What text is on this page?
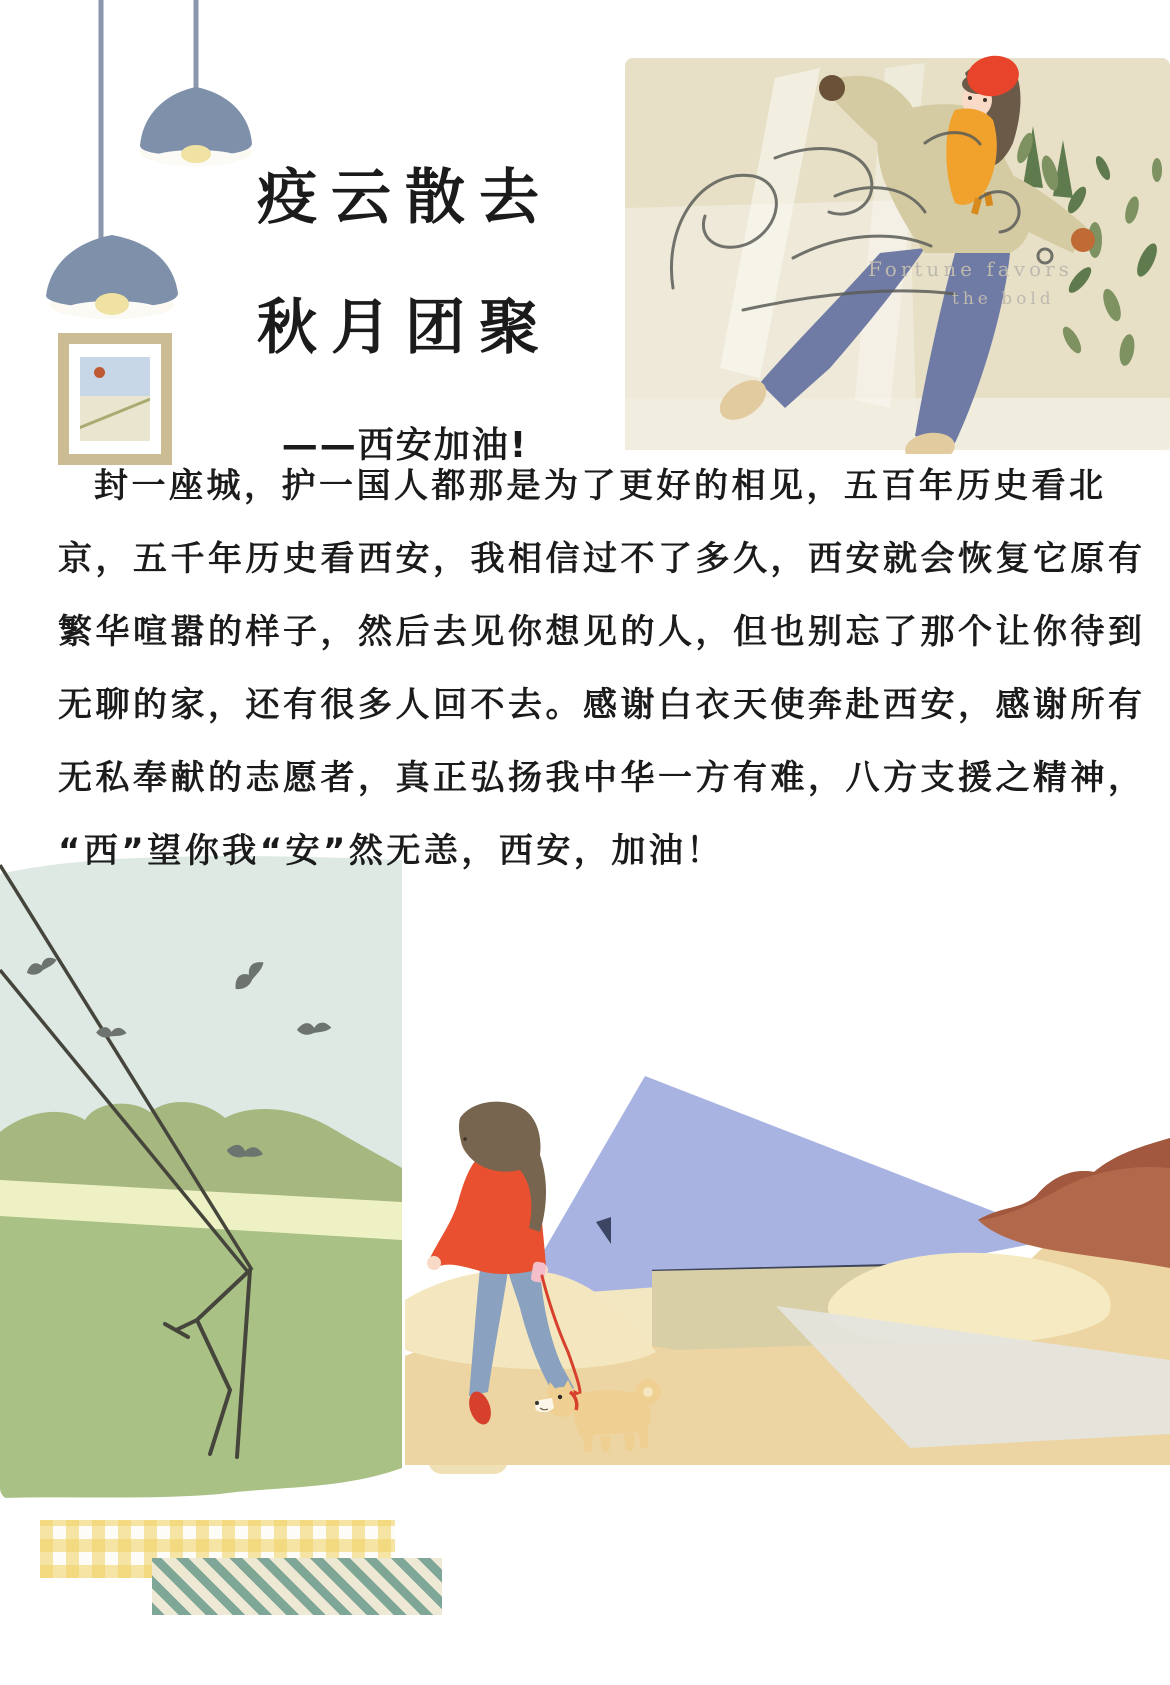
疫云散去
秋月团聚
——西安加油!
Fortune favors
the bold
封一座城，护一国人都那是为了更好的相见，五百年历史看北
京，五千年历史看西安，我相信过不了多久，西安就会恢复它原有
繁华喧嚣的样子，然后去见你想见的人，但也别忘了那个让你待到
无聊的家，还有很多人回不去。感谢白衣天使奔赴西安，感谢所有
无私奉献的志愿者，真正弘扬我中华一方有难，八方支援之精神，
“西”望你我“安”然无恙，西安，加油！
